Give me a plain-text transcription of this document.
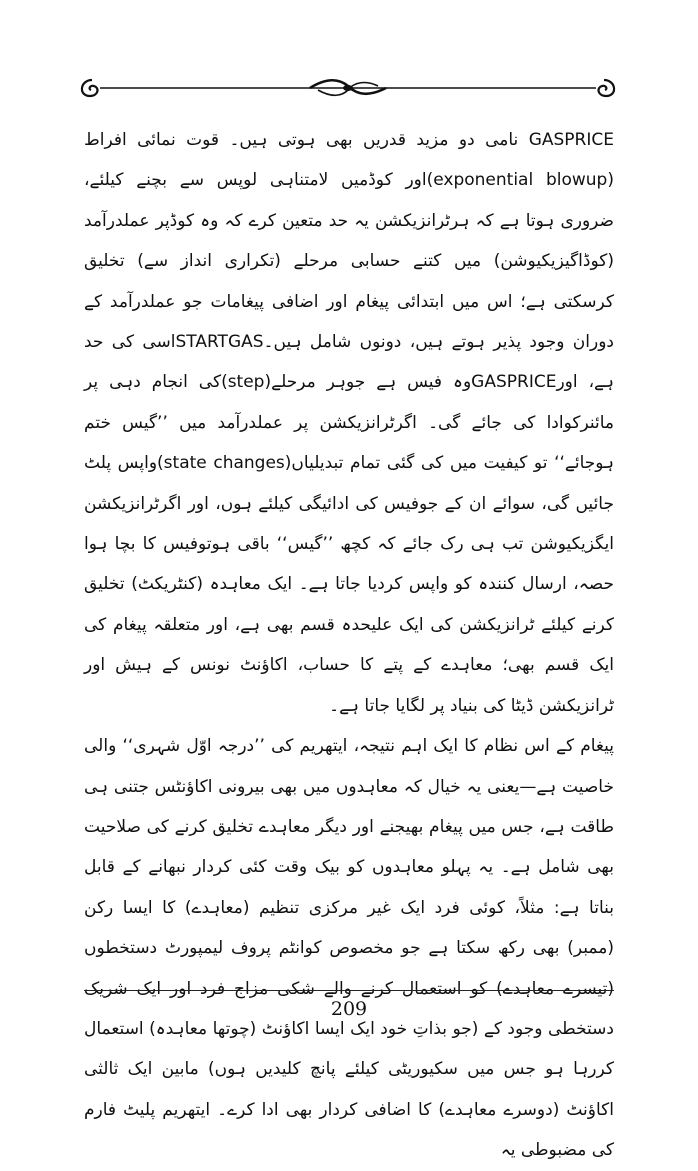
GASPRICE نامی دو مزید قدریں بھی ہوتی ہیں۔ قوت نمائی افراط (exponential blowup)اور کوڈمیں لامتناہی لوپس سے بچنے کیلئے، ضروری ہوتا ہے کہ ہرٹرانزیکشن یہ حد متعین کرے کہ وہ کوڈپر عملدرآمد (کوڈاگیزیکیوشن) میں کتنے حسابی مرحلے (تکراری انداز سے) تخلیق کرسکتی ہے؛ اس میں ابتدائی پیغام اور اضافی پیغامات جو عملدرآمد کے دوران وجود پذیر ہوتے ہیں، دونوں شامل ہیں۔STARTGASاسی کی حد ہے، اورGASPRICEوہ فیس ہے جوہر مرحلے(step)کی انجام دہی پر مائنرکوادا کی جائے گی۔ اگرٹرانزیکشن پر عملدرآمد میں ’’گیس ختم ہوجائے‘‘ تو کیفیت میں کی گئی تمام تبدیلیاں(state changes)واپس پلٹ جائیں گی، سوائے ان کے جوفیس کی ادائیگی کیلئے ہوں، اور اگرٹرانزیکشن ایگزیکیوشن تب ہی رک جائے کہ کچھ ’’گیس‘‘ باقی ہوتوفیس کا بچا ہوا حصہ، ارسال کنندہ کو واپس کردیا جاتا ہے۔ ایک معاہدہ (کنٹریکٹ) تخلیق کرنے کیلئے ٹرانزیکشن کی ایک علیحدہ قسم بھی ہے، اور متعلقہ پیغام کی ایک قسم بھی؛ معاہدے کے پتے کا حساب، اکاؤنٹ نونس کے ہیش اور ٹرانزیکشن ڈیٹا کی بنیاد پر لگایا جاتا ہے۔

پیغام کے اس نظام کا ایک اہم نتیجہ، ایتھریم کی ’’درجہ اوّل شہری‘‘ والی خاصیت ہے—یعنی یہ خیال کہ معاہدوں میں بھی بیرونی اکاؤنٹس جتنی ہی طاقت ہے، جس میں پیغام بھیجنے اور دیگر معاہدے تخلیق کرنے کی صلاحیت بھی شامل ہے۔ یہ پہلو معاہدوں کو بیک وقت کئی کردار نبھانے کے قابل بناتا ہے: مثلاً، کوئی فرد ایک غیر مرکزی تنظیم (معاہدے) کا ایسا رکن (ممبر) بھی رکھ سکتا ہے جو مخصوص کوانٹم پروف لیمپورٹ دستخطوں (تیسرے معاہدے) کو استعمال کرنے والے شکی مزاج فرد اور ایک شریک دستخطی وجود کے (جو بذاتِ خود ایک ایسا اکاؤنٹ (چوتھا معاہدہ) استعمال کررہا ہو جس میں سکیوریٹی کیلئے پانچ کلیدیں ہوں) مابین ایک ثالثی اکاؤنٹ (دوسرے معاہدے) کا اضافی کردار بھی ادا کرے۔ ایتھریم پلیٹ فارم کی مضبوطی یہ

209
